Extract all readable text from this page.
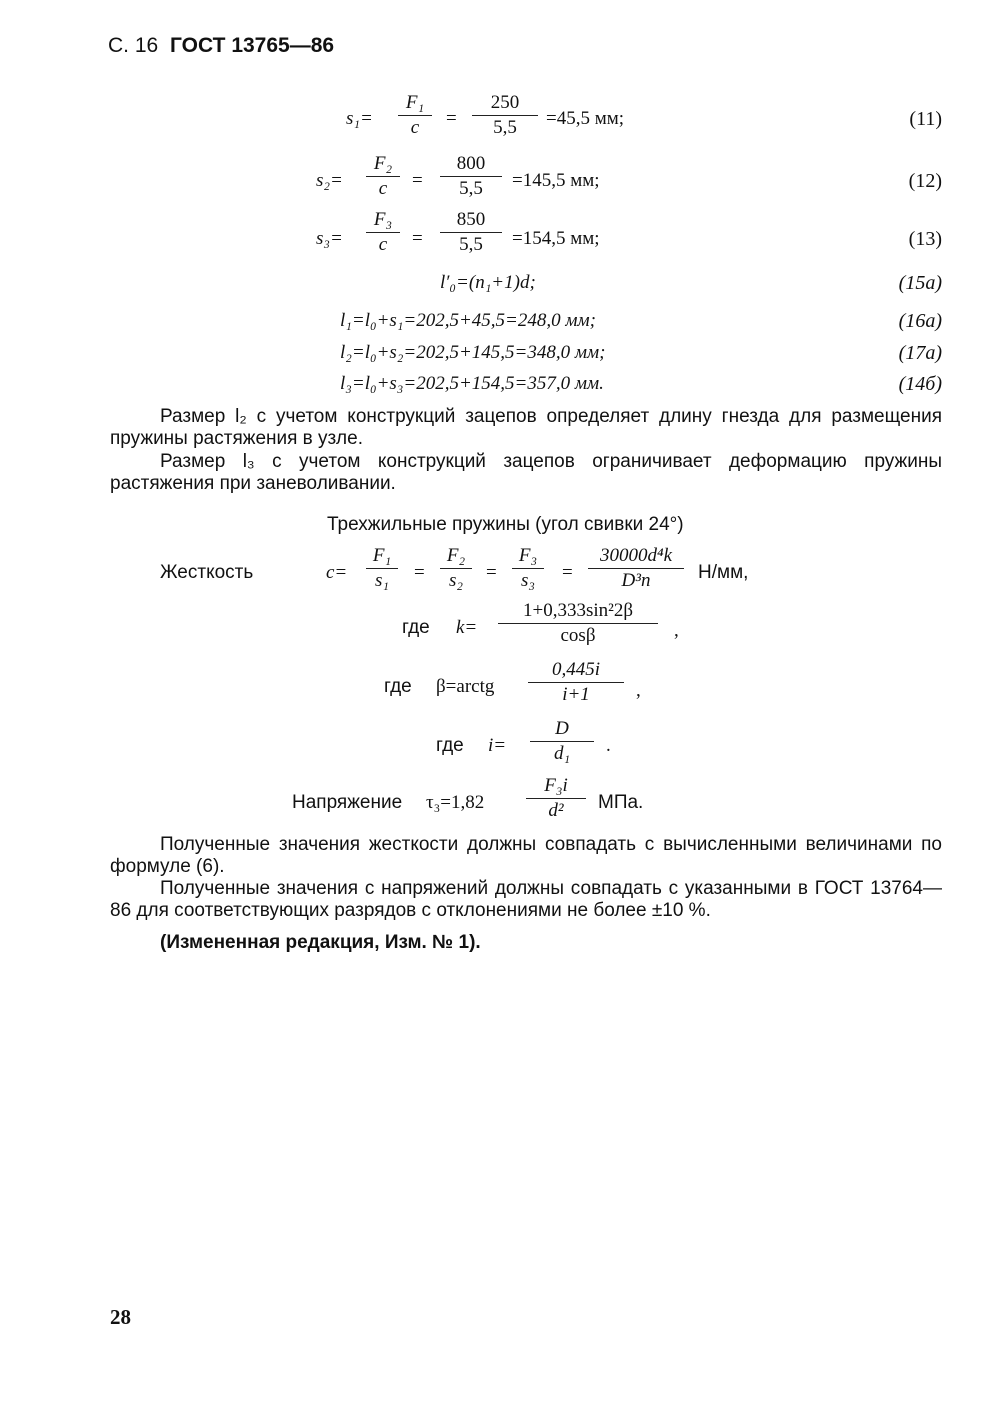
С. 16 ГОСТ 13765—86
s₁=
F₁
c	=
250
5,5	=45,5 мм;	(11)
s₂=
F₂
c	=
800
5,5	=145,5 мм;	(12)
s₃=
F₃
c	=
850
5,5	=154,5 мм;	(13)
l′₀=(n₁+1)d;	(15a)
l₁=l₀+s₁=202,5+45,5=248,0 мм;	(16a)
l₂=l₀+s₂=202,5+145,5=348,0 мм;	(17a)
l₃=l₀+s₃=202,5+154,5=357,0 мм.	(14б)
Размер l₂ с учетом конструкций зацепов определяет длину гнезда для размещения пружины растяжения в узле.
Размер l₃ с учетом конструкций зацепов ограничивает деформацию пружины растяжения при заневоливании.
Трехжильные пружины (угол свивки 24°)
Жесткость	c=
F₁
s₁	=
F₂
s₂	=
F₃
s₃	=
30000d⁴k
D³n	Н/мм,
где k=
1+0,333sin²2β
cosβ	,
где β=arctg
0,445i
i+1	,
где i=
D
d₁	.
Напряжение τ₃=1,82
F₃i
d²	МПа.
Полученные значения жесткости должны совпадать с вычисленными величинами по формуле (6).
Полученные значения с напряжений должны совпадать с указанными в ГОСТ 13764—86 для соответствующих разрядов с отклонениями не более ±10 %.
(Измененная редакция, Изм. № 1).
28
